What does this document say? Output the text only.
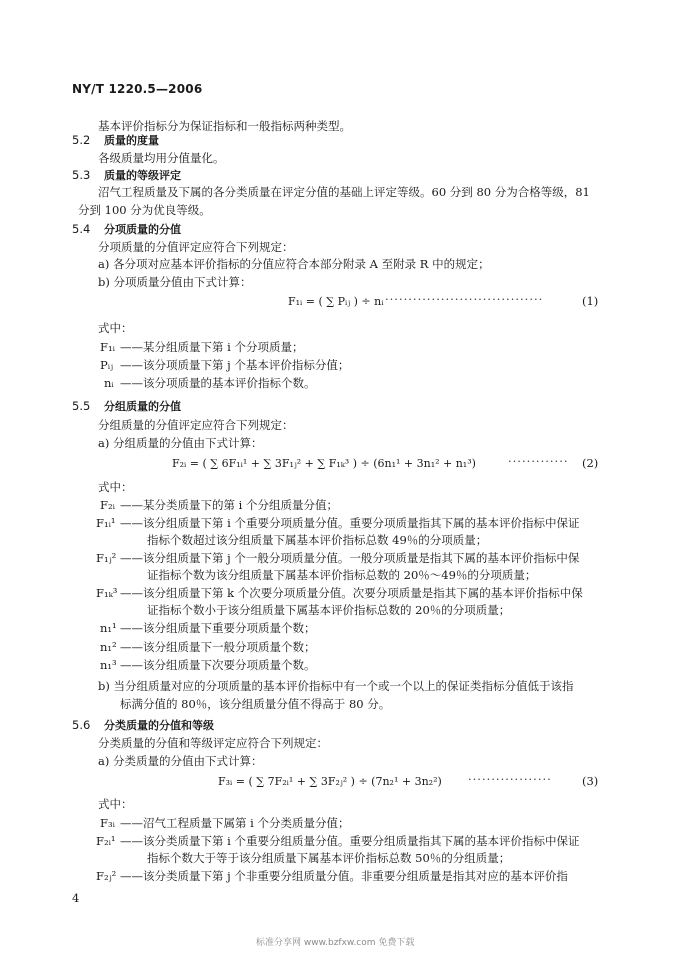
NY/T 1220.5—2006
基本评价指标分为保证指标和一般指标两种类型。
5.2 质量的度量
各级质量均用分值量化。
5.3 质量的等级评定
沼气工程质量及下属的各分类质量在评定分值的基础上评定等级。60 分到 80 分为合格等级，81
分到 100 分为优良等级。
5.4 分项质量的分值
分项质量的分值评定应符合下列规定：
a) 各分项对应基本评价指标的分值应符合本部分附录 A 至附录 R 中的规定；
b) 分项质量分值由下式计算：
F₁ᵢ = ( ∑ Pᵢⱼ ) ÷ nᵢ ··································	(1)
式中：
F₁ᵢ ——某分组质量下第 i 个分项质量；
Pᵢⱼ ——该分项质量下第 j 个基本评价指标分值；
nᵢ ——该分项质量的基本评价指标个数。
5.5 分组质量的分值
分组质量的分值评定应符合下列规定：
a) 分组质量的分值由下式计算：
F₂ᵢ = ( ∑ 6F₁ᵢ¹ + ∑ 3F₁ⱼ² + ∑ F₁ₖ³ ) ÷ (6n₁¹ + 3n₁² + n₁³)	············· (2)
式中：
F₂ᵢ ——某分类质量下的第 i 个分组质量分值；
F₁ᵢ¹ ——该分组质量下第 i 个重要分项质量分值。重要分项质量指其下属的基本评价指标中保证
指标个数超过该分组质量下属基本评价指标总数 49％的分项质量；
F₁ⱼ² ——该分组质量下第 j 个一般分项质量分值。一般分项质量是指其下属的基本评价指标中保
证指标个数为该分组质量下属基本评价指标总数的 20％～49％的分项质量；
F₁ₖ³ ——该分组质量下第 k 个次要分项质量分值。次要分项质量是指其下属的基本评价指标中保
证指标个数小于该分组质量下属基本评价指标总数的 20％的分项质量；
n₁¹ ——该分组质量下重要分项质量个数；
n₁² ——该分组质量下一般分项质量个数；
n₁³ ——该分组质量下次要分项质量个数。
b) 当分组质量对应的分项质量的基本评价指标中有一个或一个以上的保证类指标分值低于该指
标满分值的 80％，该分组质量分值不得高于 80 分。
5.6 分类质量的分值和等级
分类质量的分值和等级评定应符合下列规定：
a) 分类质量的分值由下式计算：
F₃ᵢ = ( ∑ 7F₂ᵢ¹ + ∑ 3F₂ⱼ² ) ÷ (7n₂¹ + 3n₂²) ··················	(3)
式中：
F₃ᵢ ——沼气工程质量下属第 i 个分类质量分值；
F₂ᵢ¹ ——该分类质量下第 i 个重要分组质量分值。重要分组质量指其下属的基本评价指标中保证
指标个数大于等于该分组质量下属基本评价指标总数 50％的分组质量；
F₂ⱼ² ——该分类质量下第 j 个非重要分组质量分值。非重要分组质量是指其对应的基本评价指
4
标准分享网 www.bzfxw.com 免费下载
